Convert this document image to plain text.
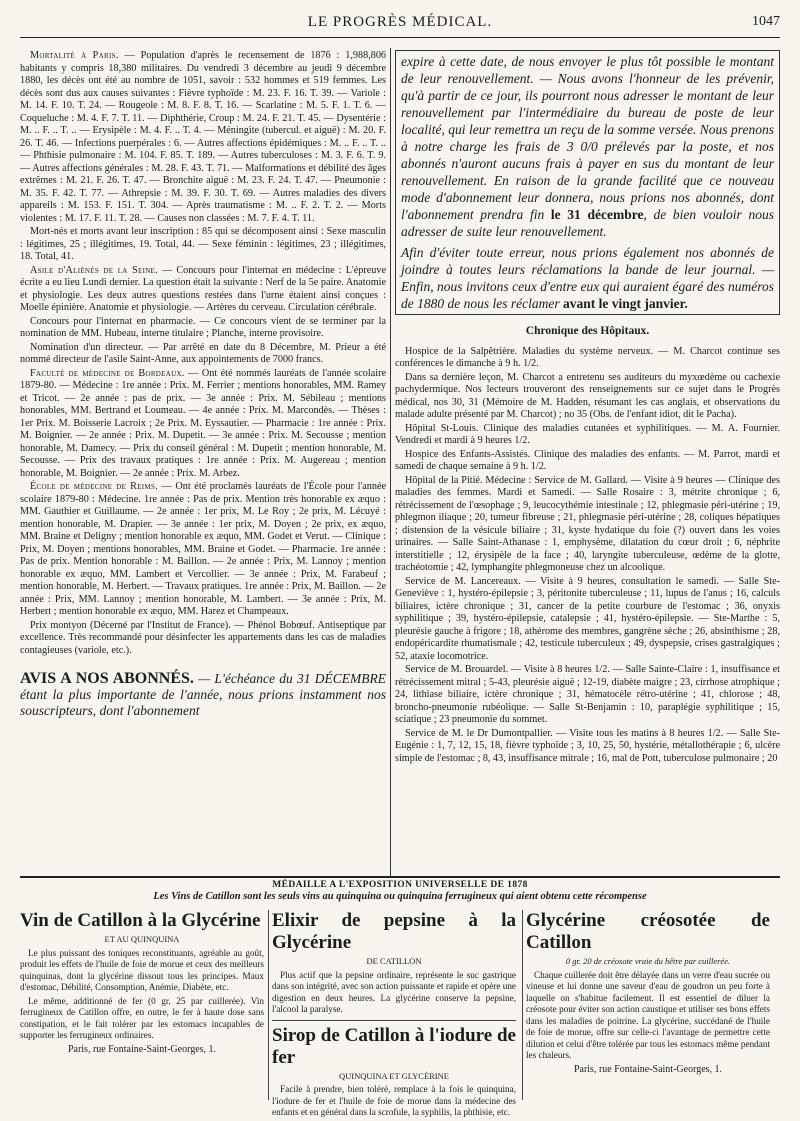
LE PROGRÈS MÉDICAL.	1047

Mortalité à Paris. — Population d'après le recensement de 1876 : 1,988,806 habitants y compris 18,380 militaires. Du vendredi 3 décembre au jeudi 9 décembre 1880, les décès ont été au nombre de 1051, savoir : 532 hommes et 519 femmes. Les décès sont dus aux causes suivantes : Fièvre typhoïde : M. 23. F. 16. T. 39. — Variole : M. 14. F. 10. T. 24. — Rougeole : M. 8. F. 8. T. 16. — Scarlatine : M. 5. F. 1. T. 6. — Coqueluche : M. 4. F. 7. T. 11. — Diphthérie, Croup : M. 24. F. 21. T. 45. — Dysentérie : M. .. F. .. T. .. — Erysipèle : M. 4. F. .. T. 4. — Méningite (tubercul. et aiguë) : M. 20. F. 26. T. 46. — Infections puerpérales : 6. — Autres affections épidémiques : M. .. F. .. T. .. — Phthisie pulmonaire : M. 104. F. 85. T. 189. — Autres tuberculoses : M. 3. F. 6. T. 9. — Autres affections générales : M. 28. F. 43. T. 71. — Malformations et débilité des âges extrêmes : M. 21. F. 26. T. 47. — Bronchite aiguë : M. 23. F. 24. T. 47. — Pneumonie : M. 35. F. 42. T. 77. — Athrepsie : M. 39. F. 30. T. 69. — Autres maladies des divers appareils : M. 153. F. 151. T. 304. — Après traumatisme : M. .. F. 2. T. 2. — Morts violentes : M. 17. F. 11. T. 28. — Causes non classées : M. 7. F. 4. T. 11.

Mort-nés et morts avant leur inscription : 85 qui se décomposent ainsi : Sexe masculin : légitimes, 25 ; illégitimes, 19. Total, 44. — Sexe féminin : légitimes, 23 ; illégitimes, 18. Total, 41.

Asile d'Aliénés de la Seine. — Concours pour l'internat en médecine : L'épreuve écrite a eu lieu Lundi dernier. La question était la suivante : Nerf de la 5e paire. Anatomie et physiologie. Les deux autres questions restées dans l'urne étaient ainsi conçues : Moelle épinière. Anatomie et physiologie. — Artères du cerveau. Circulation cérébrale.

Concours pour l'internat en pharmacie. — Ce concours vient de se terminer par la nomination de MM. Hubeau, interne titulaire ; Planche, interne provisoire.

Nomination d'un directeur. — Par arrêté en date du 8 Décembre, M. Prieur a été nommé directeur de l'asile Saint-Anne, aux appointements de 7000 francs.

Faculté de médecine de Bordeaux. — Ont été nommés lauréats de l'année scolaire 1879-80. — Médecine : 1re année : Prix. M. Ferrier ; mentions honorables, MM. Ramey et Tricot. — 2e année : pas de prix. — 3e année : Prix. M. Sébileau ; mentions honorables, MM. Bertrand et Loumeau. — 4e année : Prix. M. Marcondès. — Thèses : 1er Prix. M. Boisserie Lacroix ; 2e Prix. M. Eyssautier. — Pharmacie : 1re année : Prix. M. Boignier. — 2e année : Prix. M. Dupetit. — 3e année : Prix. M. Secousse ; mention honorable, M. Damecy. — Prix du conseil général : M. Dupetit ; mention honorable, M. Secousse. — Prix des travaux pratiques : 1re année : Prix. M. Augereau ; mention honorable, M. Boignier. — 2e année : Prix. M. Arbez.

École de médecine de Reims. — Ont été proclamés lauréats de l'École pour l'année scolaire 1879-80 : Médecine. 1re année : Pas de prix. Mention très honorable ex æquo : MM. Gauthier et Guillaume. — 2e année : 1er prix, M. Le Roy ; 2e prix, M. Lécuyé : mention honorable, M. Drapier. — 3e année : 1er prix, M. Doyen ; 2e prix, ex æquo, MM. Braine et Deligny ; mention honorable ex æquo, MM. Godet et Verut. — Clinique : Prix, M. Doyen ; mentions honorables, MM. Braine et Godet. — Pharmacie. 1re année : Pas de prix. Mention honorable : M. Baillon. — 2e année : Prix, M. Lannoy ; mention honorable ex æquo, MM. Lambert et Vercollier. — 3e année : Prix, M. Farabeuf ; mention honorable, M. Herbert. — Travaux pratiques. 1re année : Prix, M. Baillon. — 2e année : Prix, MM. Lannoy ; mention honorable, M. Lambert. — 3e année : Prix, M. Herbert ; mention honorable ex æquo, MM. Harez et Champeaux.

Prix montyon (Décerné par l'Institut de France). — Phénol Bobœuf. Antiseptique par excellence. Très recommandé pour désinfecter les appartements dans les cas de maladies contagieuses (variole, etc.).

AVIS A NOS ABONNÉS. — L'échéance du 31 DÉCEMBRE étant la plus importante de l'année, nous prions instamment nos souscripteurs, dont l'abonnement
expire à cette date, de nous envoyer le plus tôt possible le montant de leur renouvellement. — Nous avons l'honneur de les prévenir, qu'à partir de ce jour, ils pourront nous adresser le montant de leur renouvellement par l'intermédiaire du bureau de poste de leur localité, qui leur remettra un reçu de la somme versée. Nous prenons à notre charge les frais de 3 0/0 prélevés par la poste, et nos abonnés n'auront aucuns frais à payer en sus du montant de leur renouvellement. En raison de la grande facilité que ce nouveau mode d'abonnement leur donnera, nous prions nos abonnés, dont l'abonnement prendra fin le 31 décembre, de bien vouloir nous adresser de suite leur renouvellement.
Afin d'éviter toute erreur, nous prions également nos abonnés de joindre à toutes leurs réclamations la bande de leur journal. — Enfin, nous invitons ceux d'entre eux qui auraient égaré des numéros de 1880 de nous les réclamer avant le vingt janvier.
Chronique des Hôpitaux.

Hospice de la Salpêtrière. Maladies du système nerveux. — M. Charcot continue ses conférences le dimanche à 9 h. 1/2.

Dans sa dernière leçon, M. Charcot a entretenu ses auditeurs du myxœdème ou cachexie pachydermique. Nos lecteurs trouveront des renseignements sur ce sujet dans le Progrès médical, nos 30, 31 (Mémoire de M. Hadden, résumant les cas anglais, et observations du malade adulte présenté par M. Charcot) ; no 35 (Obs. de l'enfant idiot, dit le Pacha).

Hôpital St-Louis. Clinique des maladies cutanées et syphilitiques. — M. A. Fournier. Vendredi et mardi à 9 heures 1/2.

Hospice des Enfants-Assistés. Clinique des maladies des enfants. — M. Parrot, mardi et samedi de chaque semaine à 9 h. 1/2.

Hôpital de la Pitié. Médecine : Service de M. Gallard. — Visite à 9 heures — Clinique des maladies des femmes. Mardi et Samedi. — Salle Rosaire : 3, métrite chronique ; 6, rétrécissement de l'œsophage ; 9, leucocythémie intestinale ; 12, phlegmasie péri-utérine ; 19, phlegmon iliaque ; 20, tumeur fibreuse ; 21, phlegmasie péri-utérine ; 28, coliques hépatiques ; distension de la vésicule biliaire ; 31, kyste hydatique du foie (?) ouvert dans les voies urinaires. — Salle Saint-Athanase : 1, emphysème, dilatation du cœur droit ; 6, néphrite interstitielle ; 12, érysipèle de la face ; 40, laryngite tuberculeuse, œdème de la glotte, trachéotomie ; 42, lymphangite phlegmoneuse chez un alcoolique.

Service de M. Lancereaux. — Visite à 9 heures, consultation le samedi. — Salle Ste-Geneviève : 1, hystéro-épilepsie ; 3, péritonite tuberculeuse ; 11, lupus de l'anus ; 16, calculs biliaires, ictère chronique ; 31, cancer de la petite courbure de l'estomac ; 36, onyxis syphilitique ; 39, hystéro-épilepsie, catalepsie ; 41, hystéro-épilepsie. — Ste-Marthe : 5, pleurésie gauche à frigore ; 18, athérome des membres, gangrène sèche ; 26, absinthisme ; 28, endopéricardite rhumatismale ; 42, testicule tuberculeux ; 49, dyspepsie, crises gastralgiques ; 52, ataxie locomotrice.

Service de M. Brouardel. — Visite à 8 heures 1/2. — Salle Sainte-Claire : 1, insuffisance et rétrécissement mitral ; 5-43, pleurésie aiguë ; 12-19, diabète maigre ; 23, cirrhose atrophique ; 24, lithiase biliaire, ictère chronique ; 31, hématocèle rétro-utérine ; 41, chlorose ; 48, broncho-pneumonie rubéolique. — Salle St-Benjamin : 10, paraplégie syphilitique ; 15, sciatique ; 23 pneumonie du sommet.

Service de M. le Dr Dumontpallier. — Visite tous les matins à 8 heures 1/2. — Salle Ste-Eugénie : 1, 7, 12, 15, 18, fièvre typhoïde ; 3, 10, 25, 50, hystérie, métallothérapie ; 6, ulcère simple de l'estomac ; 8, 43, insuffisance mitrale ; 16, mal de Pott, tuberculose pulmonaire ; 20

MÉDAILLE A L'EXPOSITION UNIVERSELLE DE 1878
Les Vins de Catillon sont les seuls vins au quinquina ou quinquina ferrugineux qui aient obtenu cette récompense

Vin de Catillon à la Glycérine

ET AU QUINQUINA

Le plus puissant des toniques reconstituants, agréable au goût, produit les effets de l'huile de foie de morue et ceux des meilleurs quinquinas, dont la glycérine dissout tous les principes. Maux d'estomac, Débilité, Consomption, Anémie, Diabète, etc.

Le même, additionné de fer (0 gr. 25 par cuillerée). Vin ferrugineux de Catillon offre, en outre, le fer à haute dose sans constipation, et le fait tolérer par les estomacs incapables de supporter les ferrugineux ordinaires.

Paris, rue Fontaine-Saint-Georges, 1.

Elixir de pepsine à la Glycérine

DE CATILLON

Plus actif que la pepsine ordinaire, représente le suc gastrique dans son intégrité, avec son action puissante et rapide et opère une digestion en deux heures. La glycérine conserve la pepsine, l'alcool la paralyse.

Sirop de Catillon à l'iodure de fer

QUINQUINA ET GLYCÉRINE

Facile à prendre, bien toléré, remplace à la fois le quinquina, l'iodure de fer et l'huile de foie de morue dans la médecine des enfants et en général dans la scrofule, la syphilis, la phthisie, etc.

Glycérine créosotée de Catillon

0 gr. 20 de créosote vraie du hêtre par cuillerée.

Chaque cuillerée doit être délayée dans un verre d'eau sucrée ou vineuse et lui donne une saveur d'eau de goudron un peu forte à laquelle on s'habitue facilement. Il est essentiel de diluer la créosote pour éviter son action caustique et utiliser ses bons effets dans les maladies de poitrine. La glycérine, succédané de l'huile de foie de morue, offre sur celle-ci l'avantage de permettre cette dilution et celui d'être tolérée par tous les estomacs même pendant les chaleurs.

Paris, rue Fontaine-Saint-Georges, 1.
